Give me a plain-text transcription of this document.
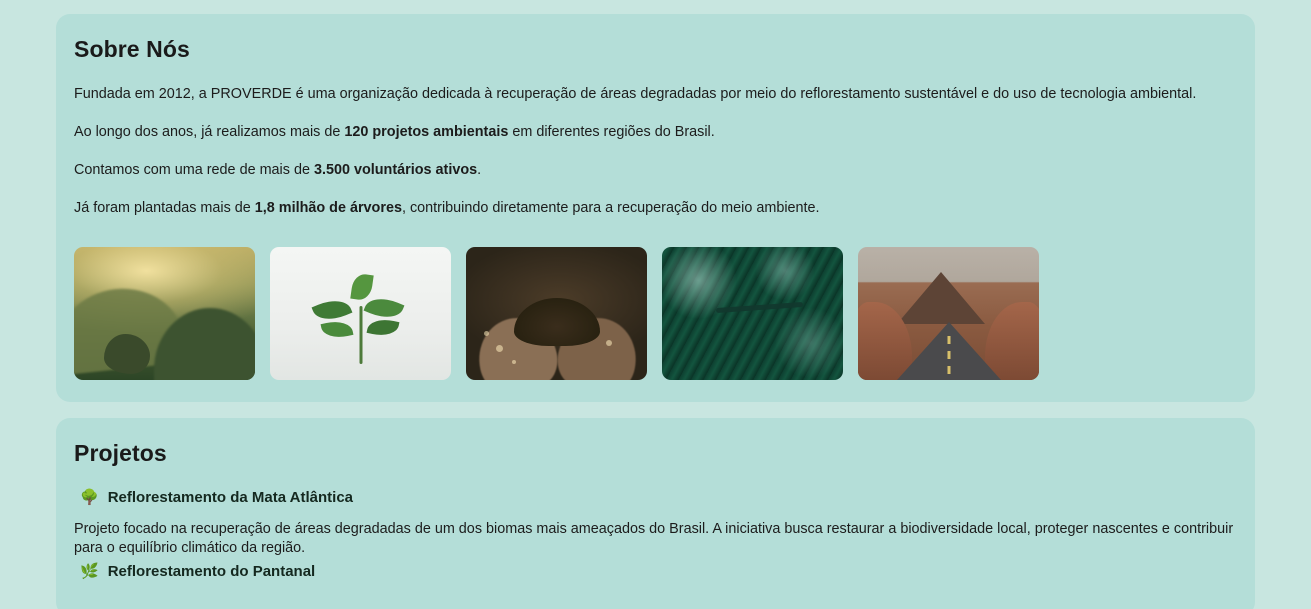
Sobre Nós

Fundada em 2012, a PROVERDE é uma organização dedicada à recuperação de áreas degradadas por meio do reflorestamento sustentável e do uso de tecnologia ambiental.

Ao longo dos anos, já realizamos mais de 120 projetos ambientais em diferentes regiões do Brasil.

Contamos com uma rede de mais de 3.500 voluntários ativos.

Já foram plantadas mais de 1,8 milhão de árvores, contribuindo diretamente para a recuperação do meio ambiente.

Projetos
🌳 Reflorestamento da Mata Atlântica

Projeto focado na recuperação de áreas degradadas de um dos biomas mais ameaçados do Brasil. A iniciativa busca restaurar a biodiversidade local, proteger nascentes e contribuir para o equilíbrio climático da região.

🌿 Reflorestamento do Pantanal
